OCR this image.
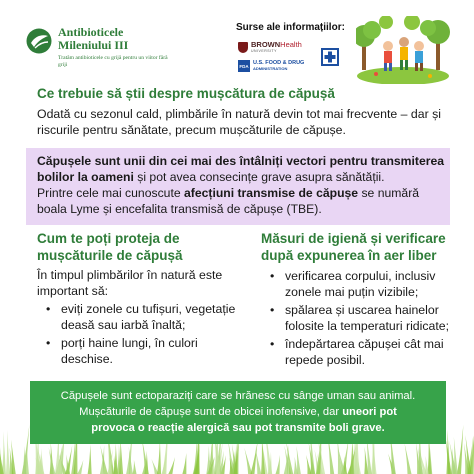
Antibioticele
Mileniului III
Tratăm antibioticele cu grijă pentru un viitor fără griji
Surse ale informațiilor:
BROWNHealth
UNIVERSITY
FDA U.S. FOOD & DRUG
ADMINISTRATION
Ce trebuie să știi despre mușcătura de căpușă
Odată cu sezonul cald, plimbările în natură devin tot mai frecvente – dar și riscurile pentru sănătate, precum mușcăturile de căpușe.
Căpușele sunt unii din cei mai des întâlniți vectori pentru transmiterea bolilor la oameni și pot avea consecințe grave asupra sănătății.
Printre cele mai cunoscute afecțiuni transmise de căpușe se numără boala Lyme și encefalita transmisă de căpușe (TBE).
Cum te poți proteja de mușcăturile de căpușă
În timpul plimbărilor în natură este important să:
• eviți zonele cu tufișuri, vegetație deasă sau iarbă înaltă;
• porți haine lungi, în culori deschise.
Măsuri de igienă și verificare după expunerea în aer liber
• verificarea corpului, inclusiv zonele mai puțin vizibile;
• spălarea și uscarea hainelor folosite la temperaturi ridicate;
• îndepărtarea căpușei cât mai repede posibil.
Căpușele sunt ectoparaziți care se hrănesc cu sânge uman sau animal.
Mușcăturile de căpușe sunt de obicei inofensive, dar uneori pot
provoca o reacție alergică sau pot transmite boli grave.
